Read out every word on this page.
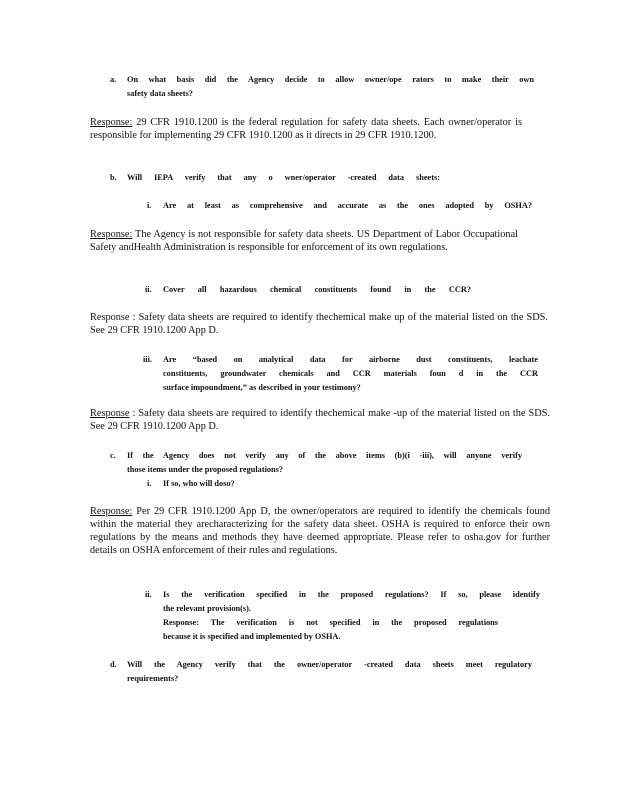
a. On what basis did the Agency decide to allow owner/ope rators to make their own
safety data sheets?
Response: 29 CFR 1910.1200 is the federal regulation for safety data sheets. Each owner/operator is responsible for implementing 29 CFR 1910.1200 as it directs in 29 CFR 1910.1200.
b. Will IEPA verify that any o wner/operator -created data sheets:
i. Are at least as comprehensive and accurate as the ones adopted by OSHA?
Response: The Agency is not responsible for safety data sheets. US Department of Labor Occupational Safety andHealth Administration is responsible for enforcement of its own regulations.
ii. Cover all hazardous chemical constituents found in the CCR?
Response : Safety data sheets are required to identify thechemical make up of the material listed on the SDS. See 29 CFR 1910.1200 App D.
iii. Are “based on analytical data for airborne dust constituents, leachate
constituents, groundwater chemicals and CCR materials foun d in the CCR
surface impoundment,” as described in your testimony?
Response : Safety data sheets are required to identify thechemical make -up of the material listed on the SDS. See 29 CFR 1910.1200 App D.
c. If the Agency does not verify any of the above items (b)(i -iii), will anyone verify
those items under the proposed regulations?
i. If so, who will doso?
Response: Per 29 CFR 1910.1200 App D, the owner/operators are required to identify the chemicals found within the material they arecharacterizing for the safety data sheet. OSHA is required to enforce their own regulations by the means and methods they have deemed appropriate. Please refer to osha.gov for further details on OSHA enforcement of their rules and regulations.
ii. Is the verification specified in the proposed regulations? If so, please identify
the relevant provision(s).
Response: The verification is not specified in the proposed regulations
because it is specified and implemented by OSHA.
d. Will the Agency verify that the owner/operator -created data sheets meet regulatory
requirements?
